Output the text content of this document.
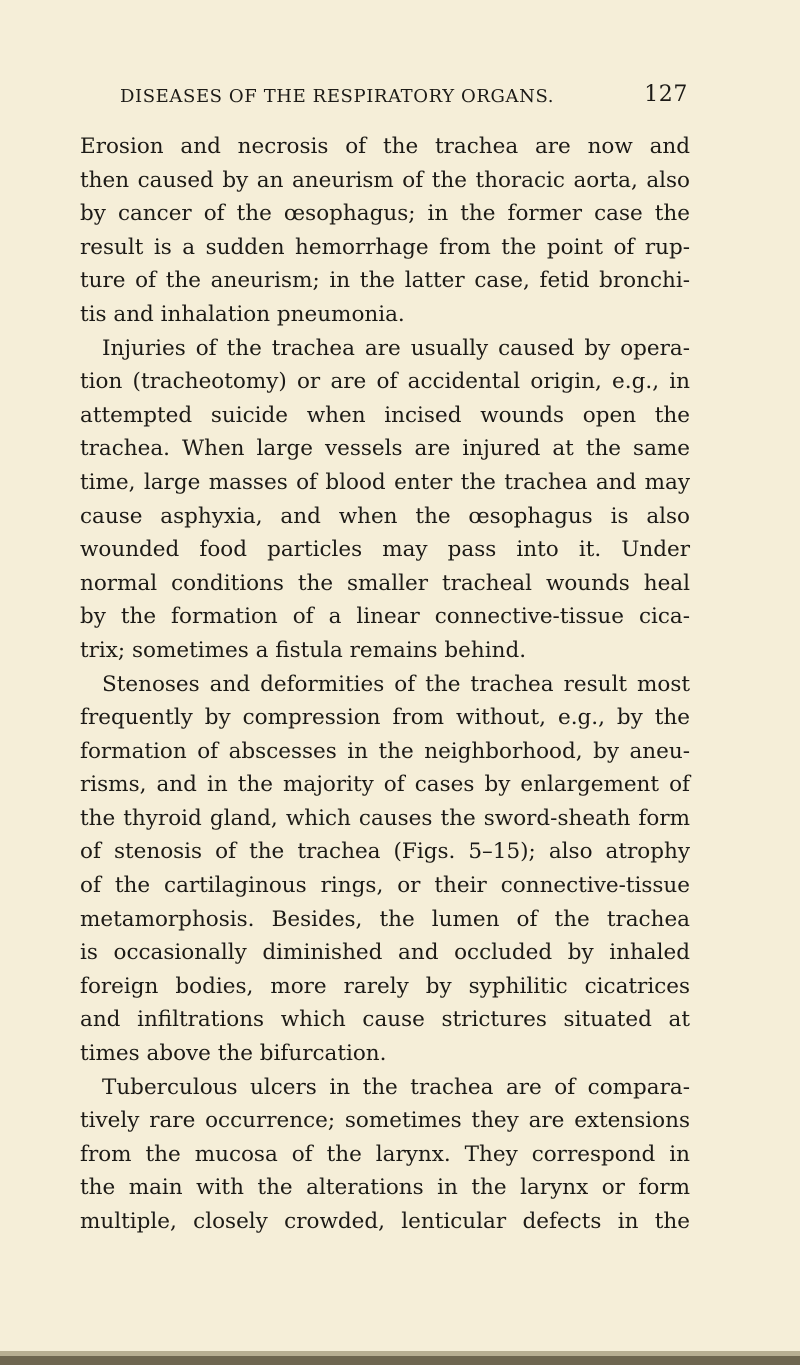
DISEASES OF THE RESPIRATORY ORGANS.	127
Erosion and necrosis of the trachea are now and
then caused by an aneurism of the thoracic aorta, also
by cancer of the œsophagus; in the former case the
result is a sudden hemorrhage from the point of rup-
ture of the aneurism; in the latter case, fetid bronchi-
tis and inhalation pneumonia.
Injuries of the trachea are usually caused by opera-
tion (tracheotomy) or are of accidental origin, e.g., in
attempted suicide when incised wounds open the
trachea. When large vessels are injured at the same
time, large masses of blood enter the trachea and may
cause asphyxia, and when the œsophagus is also
wounded food particles may pass into it. Under
normal conditions the smaller tracheal wounds heal
by the formation of a linear connective-tissue cica-
trix; sometimes a fistula remains behind.
Stenoses and deformities of the trachea result most
frequently by compression from without, e.g., by the
formation of abscesses in the neighborhood, by aneu-
risms, and in the majority of cases by enlargement of
the thyroid gland, which causes the sword-sheath form
of stenosis of the trachea (Figs. 5–15); also atrophy
of the cartilaginous rings, or their connective-tissue
metamorphosis. Besides, the lumen of the trachea
is occasionally diminished and occluded by inhaled
foreign bodies, more rarely by syphilitic cicatrices
and infiltrations which cause strictures situated at
times above the bifurcation.
Tuberculous ulcers in the trachea are of compara-
tively rare occurrence; sometimes they are extensions
from the mucosa of the larynx. They correspond in
the main with the alterations in the larynx or form
multiple, closely crowded, lenticular defects in the
